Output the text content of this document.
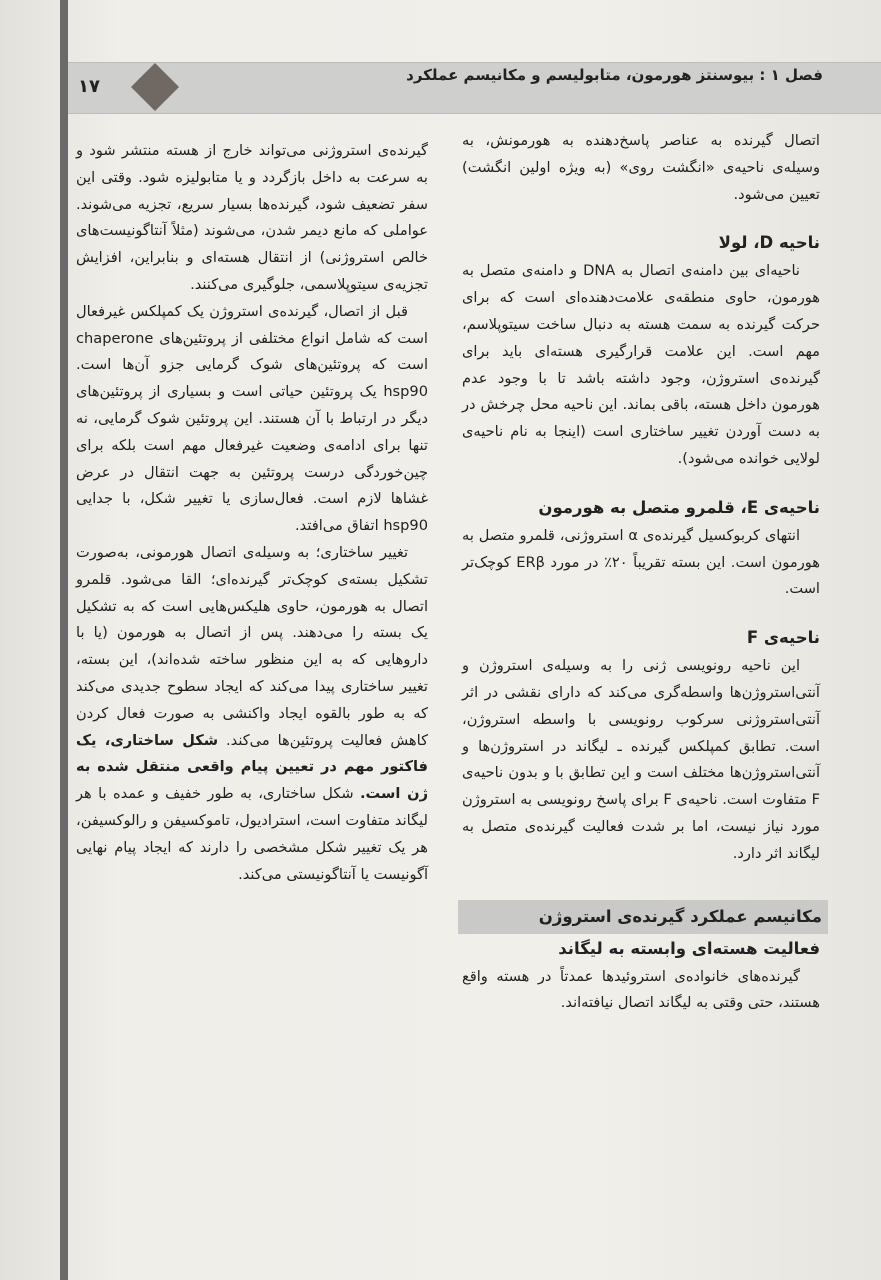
فصل ۱ : بیوسنتز هورمون، متابولیسم و مکانیسم عملکرد
۱۷

اتصال گیرنده به عناصر پاسخ‌دهنده به هورمونش، به وسیله‌ی ناحیه‌ی «انگشت روی» (به ویژه اولین انگشت) تعیین می‌شود.

ناحیه D، لولا

ناحیه‌ای بین دامنه‌ی اتصال به DNA و دامنه‌ی متصل به هورمون، حاوی منطقه‌ی علامت‌دهنده‌ای است که برای حرکت گیرنده به سمت هسته به دنبال ساخت سیتوپلاسم، مهم است. این علامت قرارگیری هسته‌ای باید برای گیرنده‌ی استروژن، وجود داشته باشد تا با وجود عدم هورمون داخل هسته، باقی بماند. این ناحیه محل چرخش در به دست آوردن تغییر ساختاری است (اینجا به نام ناحیه‌ی لولایی خوانده می‌شود).

ناحیه‌ی E، قلمرو متصل به هورمون

انتهای کربوکسیل گیرنده‌ی α استروژنی، قلمرو متصل به هورمون است. این بسته تقریباً ۲۰٪ در مورد ERβ کوچک‌تر است.

ناحیه‌ی F

این ناحیه رونویسی ژنی را به وسیله‌ی استروژن و آنتی‌استروژن‌ها واسطه‌گری می‌کند که دارای نقشی در اثر آنتی‌استروژنی سرکوب رونویسی با واسطه استروژن، است. تطابق کمپلکس گیرنده ـ لیگاند در استروژن‌ها و آنتی‌استروژن‌ها مختلف است و این تطابق با و بدون ناحیه‌ی F متفاوت است. ناحیه‌ی F برای پاسخ رونویسی به استروژن مورد نیاز نیست، اما بر شدت فعالیت گیرنده‌ی متصل به لیگاند اثر دارد.

مکانیسم عملکرد گیرنده‌ی استروژن
فعالیت هسته‌ای وابسته به لیگاند

گیرنده‌های خانواده‌ی استروئیدها عمدتاً در هسته واقع هستند، حتی وقتی به لیگاند اتصال نیافته‌اند.

گیرنده‌ی استروژنی می‌تواند خارج از هسته منتشر شود و به سرعت به داخل بازگردد و یا متابولیزه شود. وقتی این سفر تضعیف شود، گیرنده‌ها بسیار سریع، تجزیه می‌شوند. عواملی که مانع دیمر شدن، می‌شوند (مثلاً آنتاگونیست‌های خالص استروژنی) از انتقال هسته‌ای و بنابراین، افزایش تجزیه‌ی سیتوپلاسمی، جلوگیری می‌کنند.

قبل از اتصال، گیرنده‌ی استروژن یک کمپلکس غیرفعال است که شامل انواع مختلفی از پروتئین‌های chaperone است که پروتئین‌های شوک گرمایی جزو آن‌ها است. hsp90 یک پروتئین حیاتی است و بسیاری از پروتئین‌های دیگر در ارتباط با آن هستند. این پروتئین شوک گرمایی، نه تنها برای ادامه‌ی وضعیت غیرفعال مهم است بلکه برای چین‌خوردگی درست پروتئین به جهت انتقال در عرض غشاها لازم است. فعال‌سازی یا تغییر شکل، با جدایی hsp90 اتفاق می‌افتد.

تغییر ساختاری؛ به وسیله‌ی اتصال هورمونی، به‌صورت تشکیل بسته‌ی کوچک‌تر گیرنده‌ای؛ القا می‌شود. قلمرو اتصال به هورمون، حاوی هلیکس‌هایی است که به تشکیل یک بسته را می‌دهند. پس از اتصال به هورمون (یا با داروهایی که به این منظور ساخته شده‌اند)، این بسته، تغییر ساختاری پیدا می‌کند که ایجاد سطوح جدیدی می‌کند که به طور بالقوه ایجاد واکنشی به صورت فعال کردن کاهش فعالیت پروتئین‌ها می‌کند. شکل ساختاری، یک فاکتور مهم در تعیین پیام واقعی منتقل شده به ژن است. شکل ساختاری، به طور خفیف و عمده با هر لیگاند متفاوت است، استرادیول، تاموکسیفن و رالوکسیفن، هر یک تغییر شکل مشخصی را دارند که ایجاد پیام نهایی آگونیست یا آنتاگونیستی می‌کند.
